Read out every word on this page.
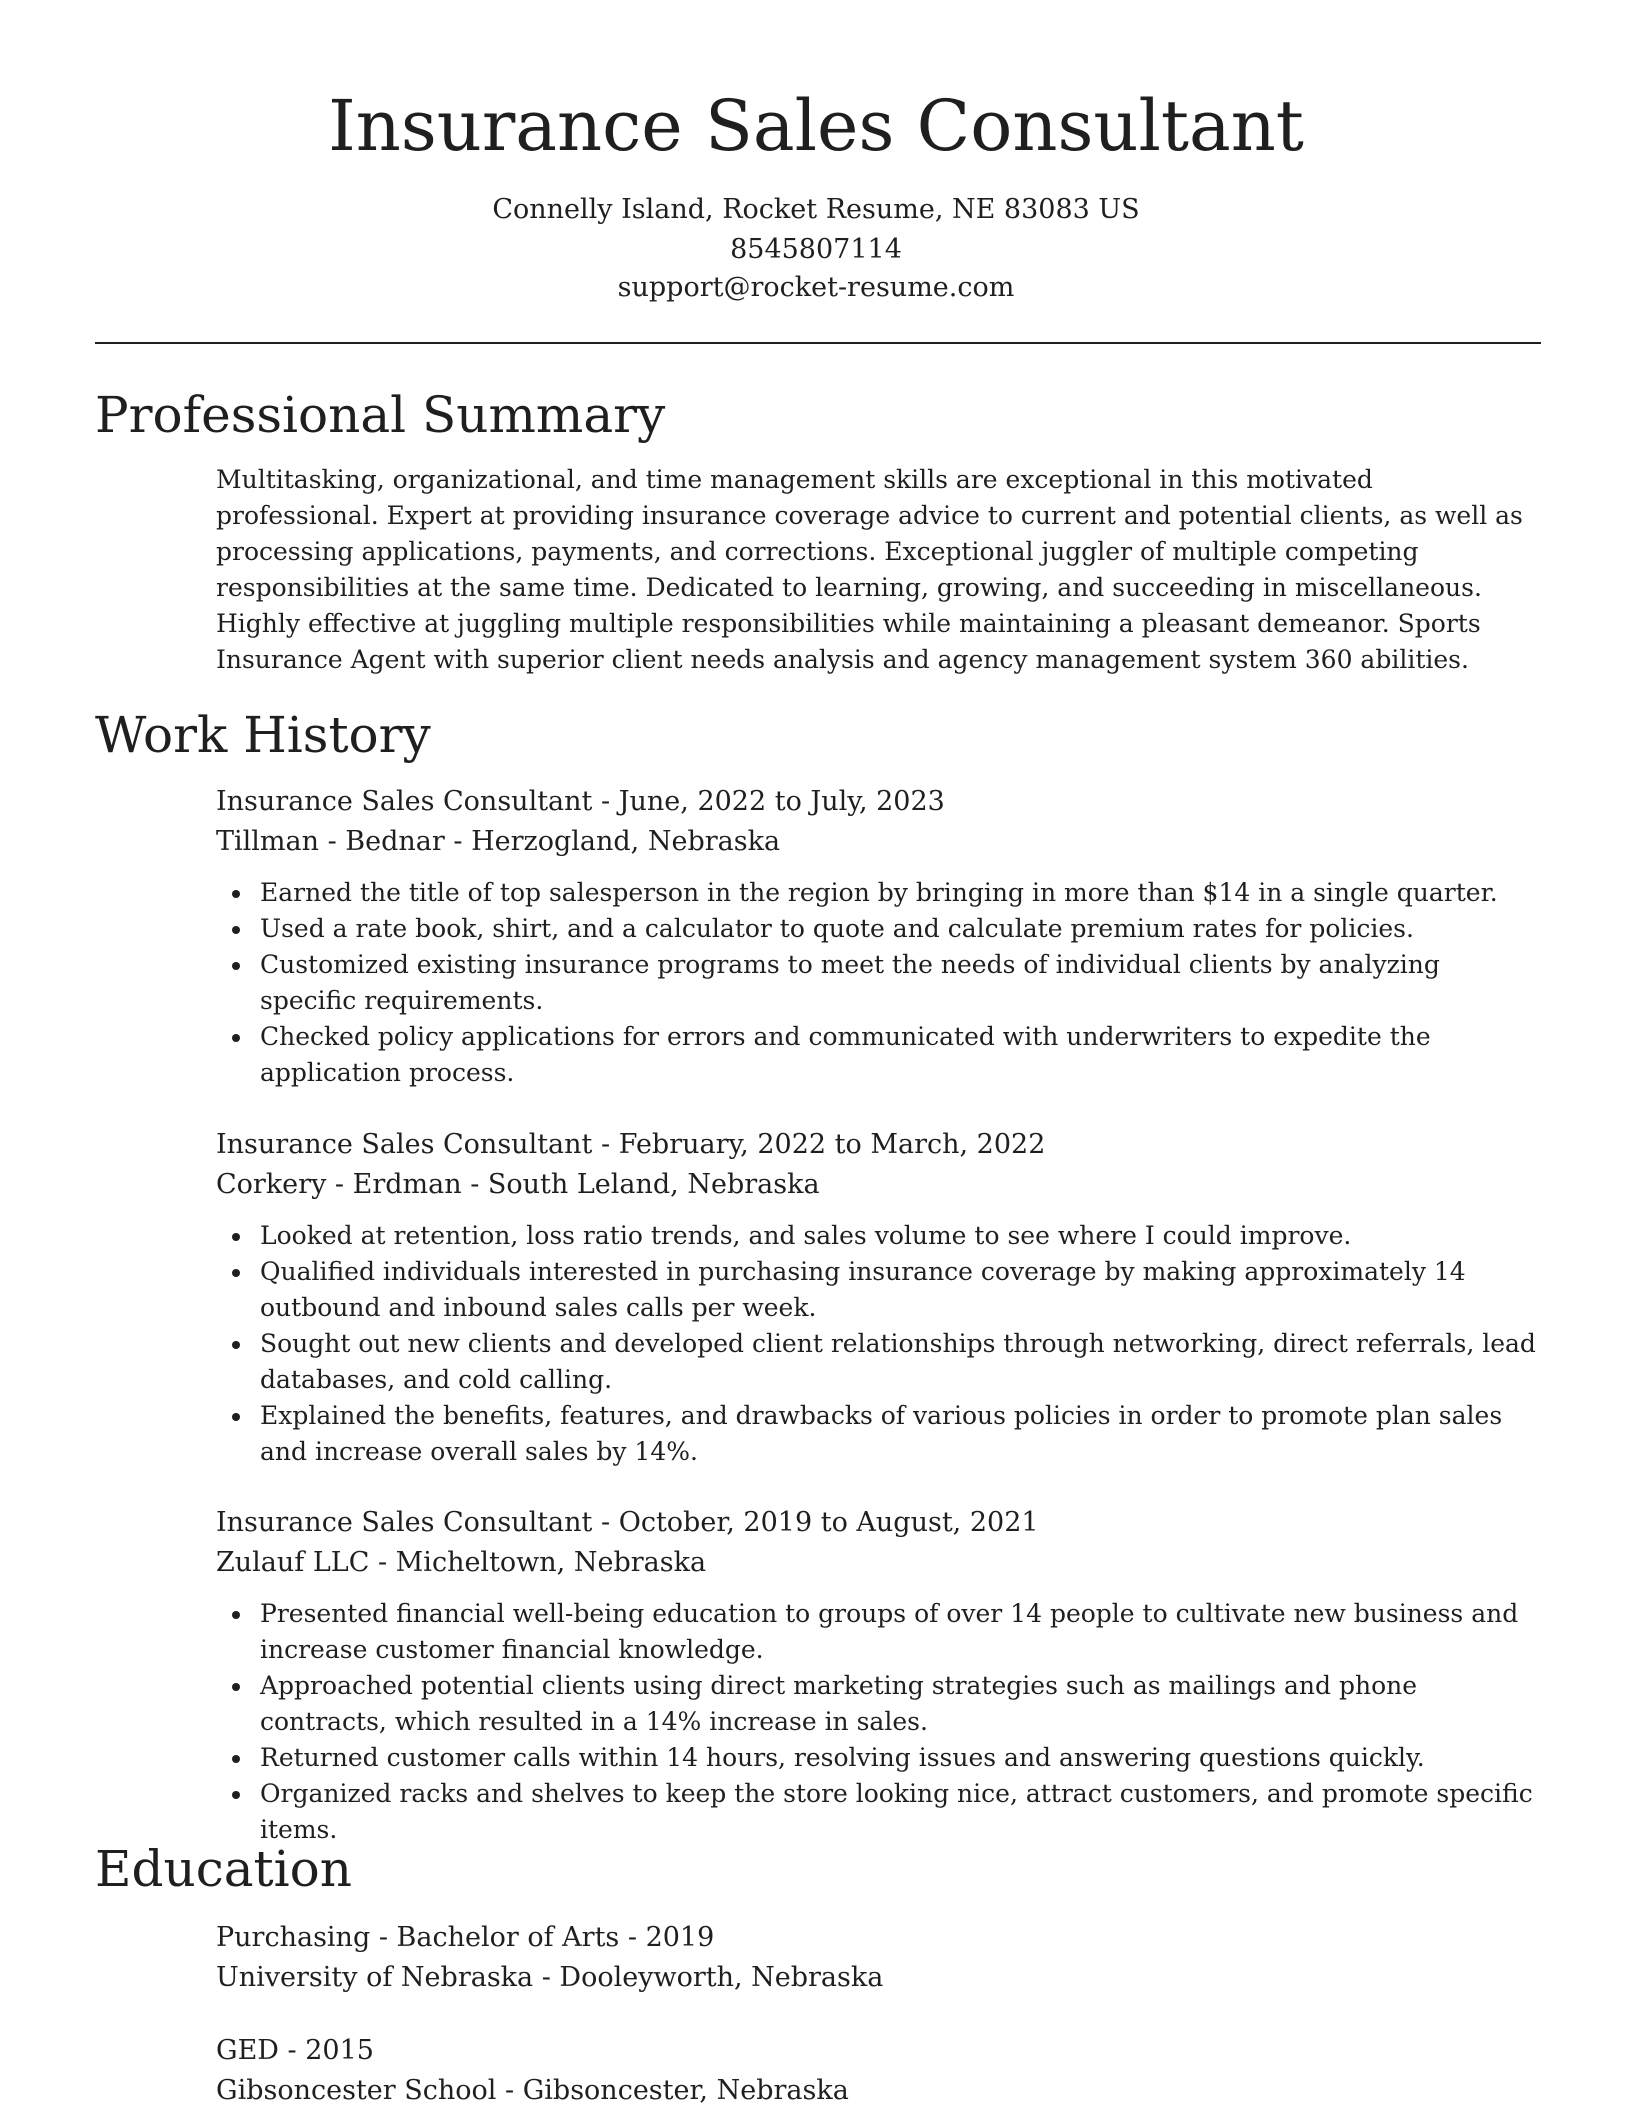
Insurance Sales Consultant

Connelly Island, Rocket Resume, NE 83083 US

8545807114

support@rocket-resume.com

Professional Summary

Multitasking, organizational, and time management skills are exceptional in this motivated professional. Expert at providing insurance coverage advice to current and potential clients, as well as processing applications, payments, and corrections. Exceptional juggler of multiple competing responsibilities at the same time. Dedicated to learning, growing, and succeeding in miscellaneous. Highly effective at juggling multiple responsibilities while maintaining a pleasant demeanor. Sports Insurance Agent with superior client needs analysis and agency management system 360 abilities.

Work History

Insurance Sales Consultant - June, 2022 to July, 2023

Tillman - Bednar - Herzogland, Nebraska

Earned the title of top salesperson in the region by bringing in more than $14 in a single quarter.
Used a rate book, shirt, and a calculator to quote and calculate premium rates for policies.
Customized existing insurance programs to meet the needs of individual clients by analyzing specific requirements.
Checked policy applications for errors and communicated with underwriters to expedite the application process.

Insurance Sales Consultant - February, 2022 to March, 2022

Corkery - Erdman - South Leland, Nebraska

Looked at retention, loss ratio trends, and sales volume to see where I could improve.
Qualified individuals interested in purchasing insurance coverage by making approximately 14 outbound and inbound sales calls per week.
Sought out new clients and developed client relationships through networking, direct referrals, lead databases, and cold calling.
Explained the benefits, features, and drawbacks of various policies in order to promote plan sales and increase overall sales by 14%.

Insurance Sales Consultant - October, 2019 to August, 2021

Zulauf LLC - Micheltown, Nebraska

Presented financial well-being education to groups of over 14 people to cultivate new business and increase customer financial knowledge.
Approached potential clients using direct marketing strategies such as mailings and phone contracts, which resulted in a 14% increase in sales.
Returned customer calls within 14 hours, resolving issues and answering questions quickly.
Organized racks and shelves to keep the store looking nice, attract customers, and promote specific items.
Education

Purchasing - Bachelor of Arts - 2019

University of Nebraska - Dooleyworth, Nebraska

GED - 2015

Gibsoncester School - Gibsoncester, Nebraska
